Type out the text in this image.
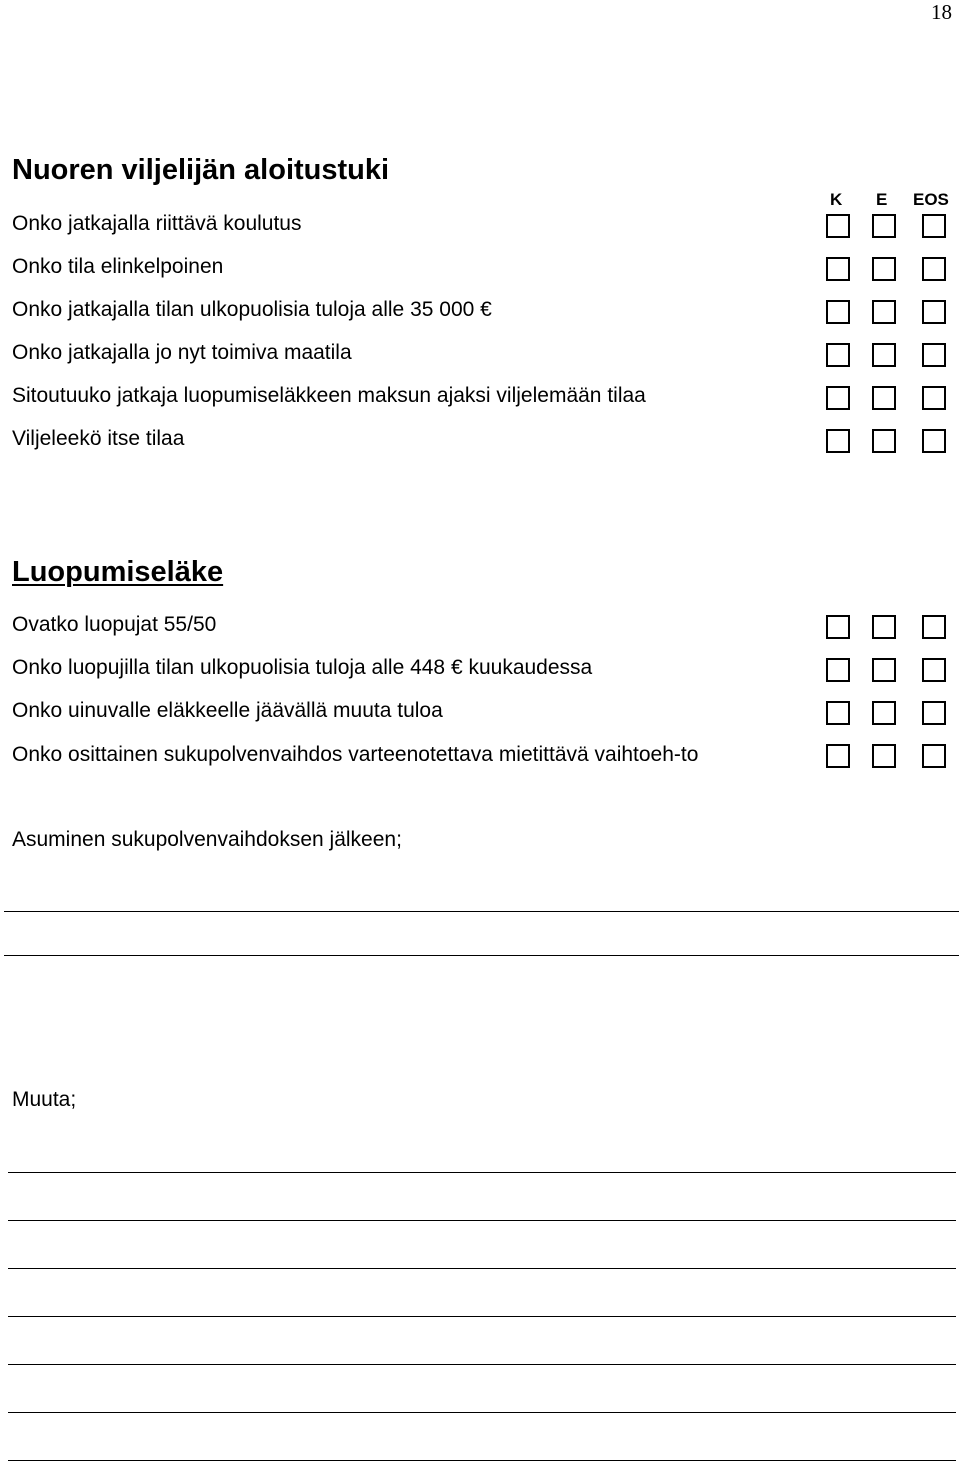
18
Nuoren viljelijän aloitustuki
K E EOS
Onko jatkajalla riittävä koulutus
Onko tila elinkelpoinen
Onko jatkajalla tilan ulkopuolisia tuloja alle 35 000 €
Onko jatkajalla jo nyt toimiva maatila
Sitoutuuko jatkaja luopumiseläkkeen maksun ajaksi viljelemään tilaa
Viljeleekö itse tilaa
Luopumiseläke
Ovatko luopujat 55/50
Onko luopujilla tilan ulkopuolisia tuloja alle 448 € kuukaudessa
Onko uinuvalle eläkkeelle jäävällä muuta tuloa
Onko osittainen sukupolvenvaihdos varteenotettava mietittävä vaihtoeh-to
Asuminen sukupolvenvaihdoksen jälkeen;
Muuta;
